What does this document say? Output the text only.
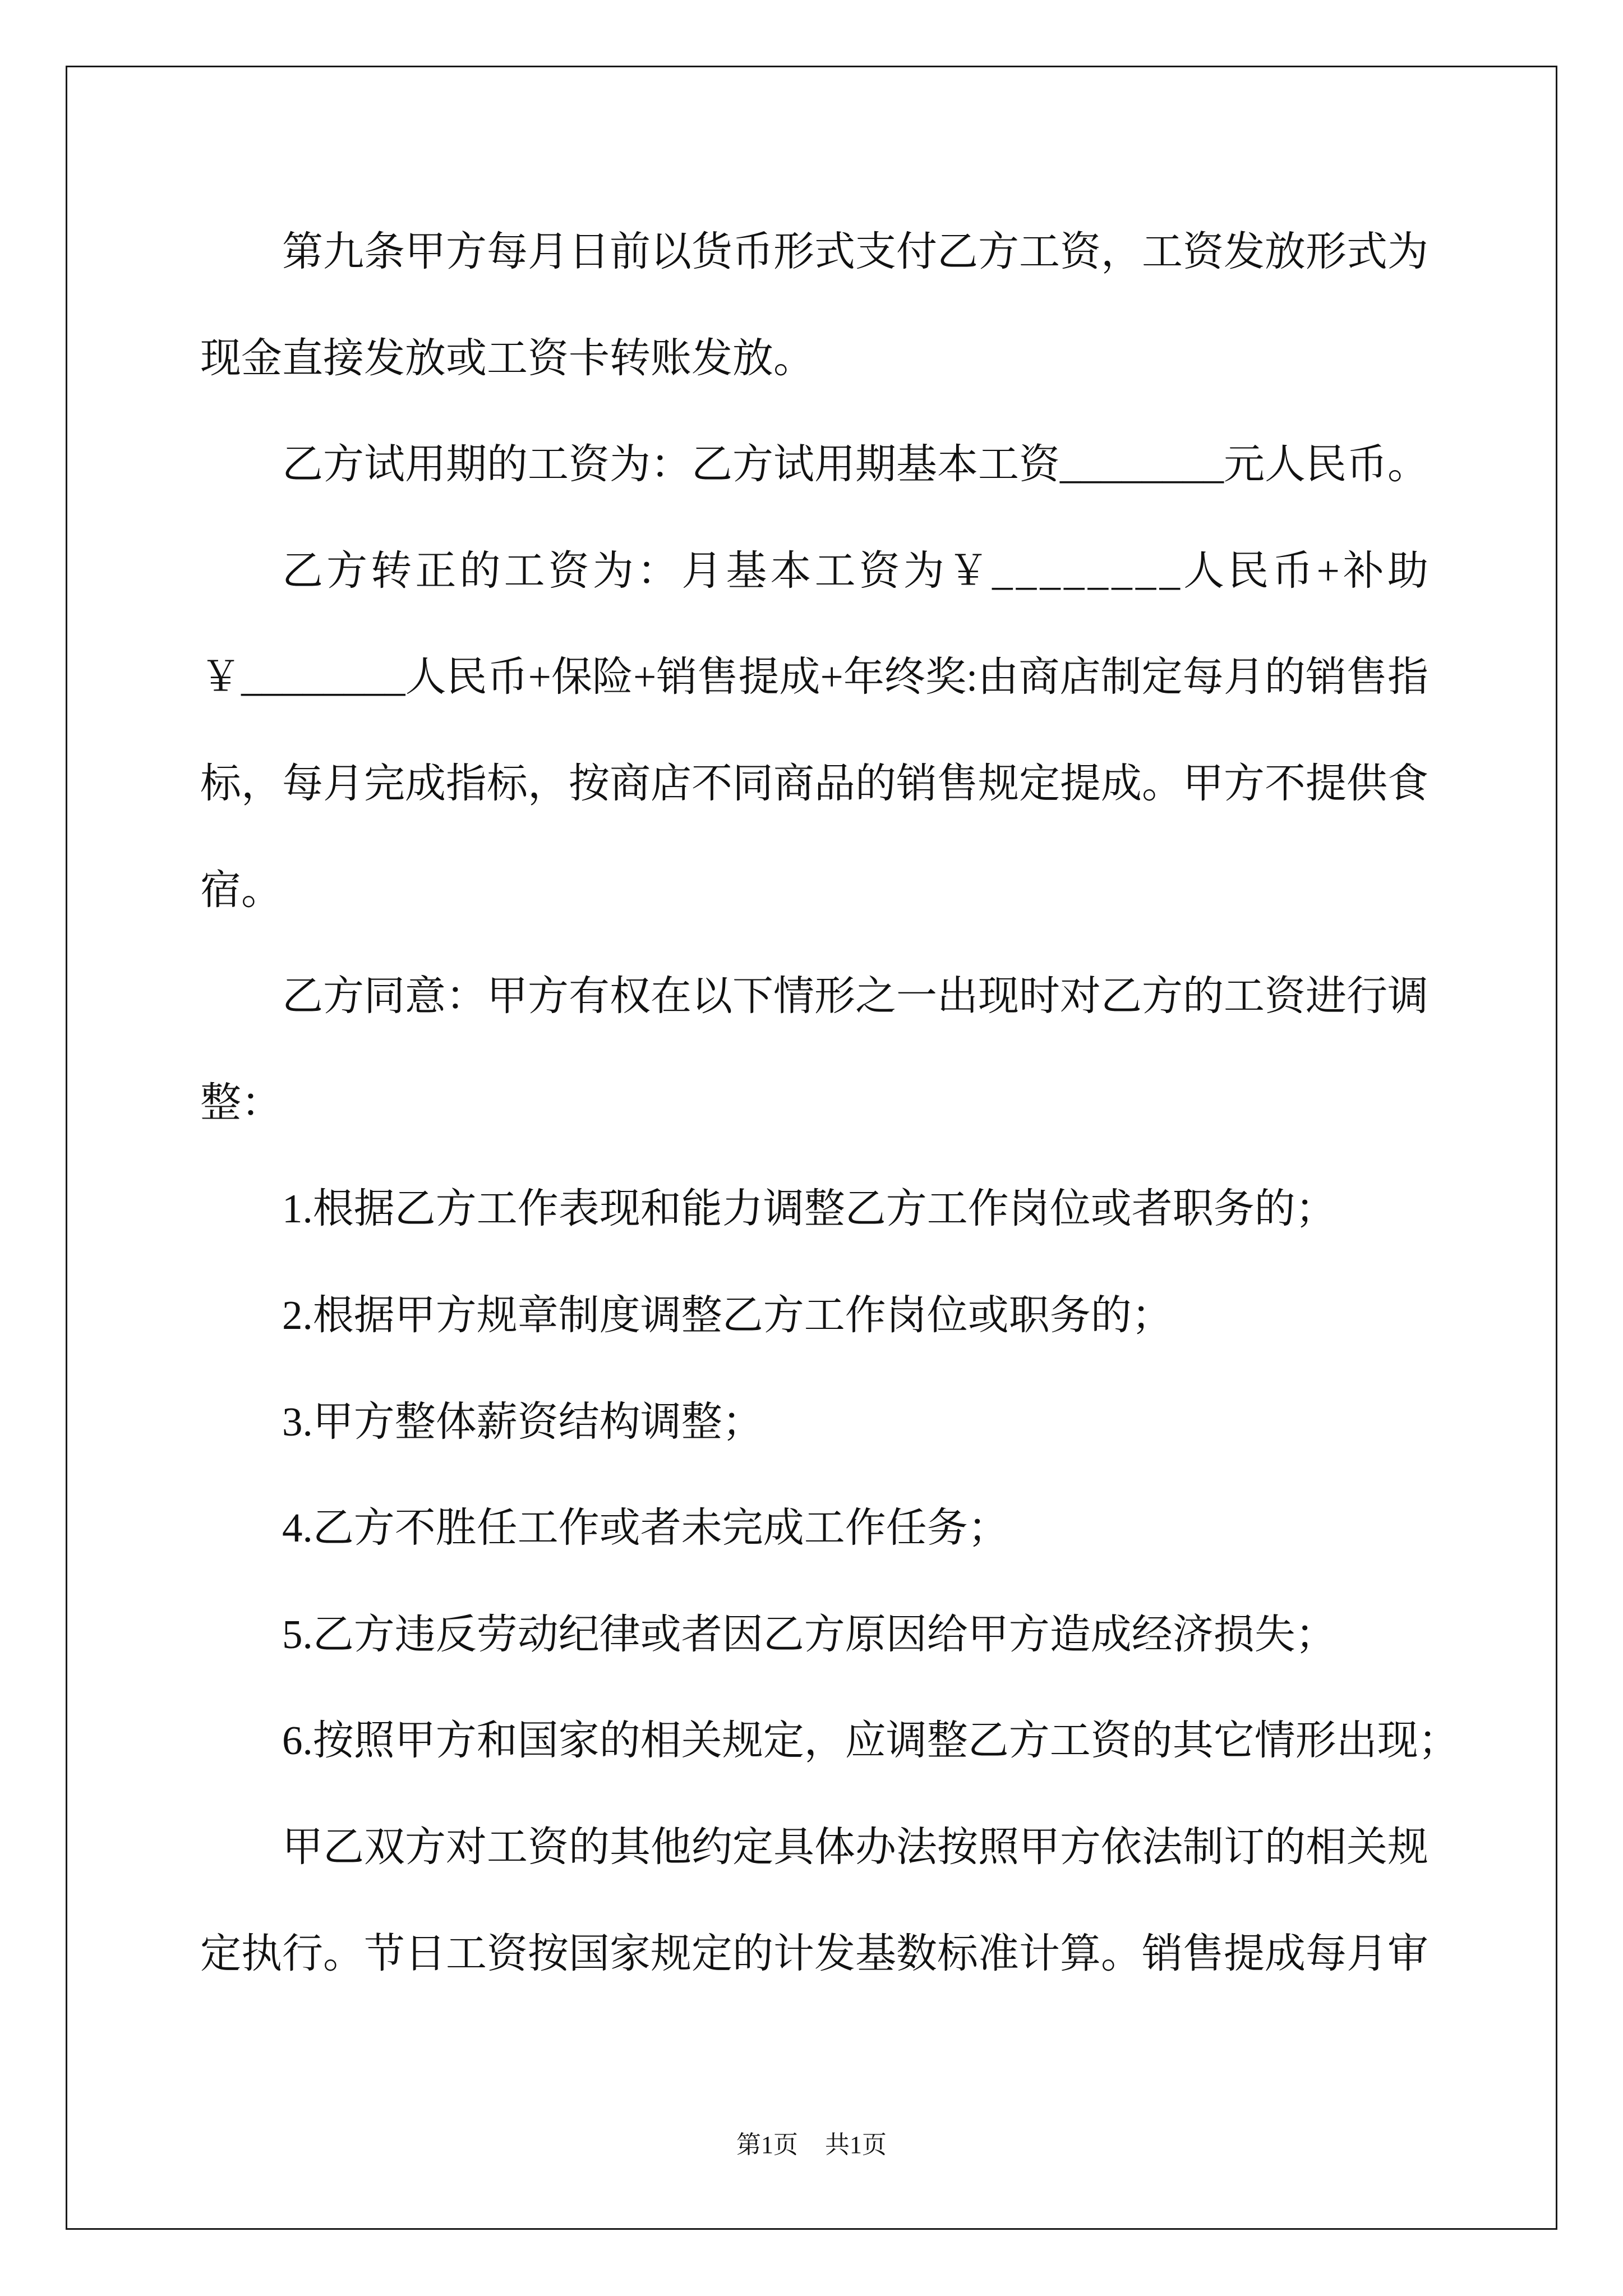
第九条甲方每月日前以货币形式支付乙方工资，工资发放形式为
现金直接发放或工资卡转账发放。
乙方试用期的工资为：乙方试用期基本工资________元人民币。
乙方转正的工资为：月基本工资为￥________人民币+补助
￥________人民币+保险+销售提成+年终奖:由商店制定每月的销售指
标，每月完成指标，按商店不同商品的销售规定提成。甲方不提供食
宿。
乙方同意：甲方有权在以下情形之一出现时对乙方的工资进行调
整：
1.根据乙方工作表现和能力调整乙方工作岗位或者职务的；
2.根据甲方规章制度调整乙方工作岗位或职务的；
3.甲方整体薪资结构调整；
4.乙方不胜任工作或者未完成工作任务；
5.乙方违反劳动纪律或者因乙方原因给甲方造成经济损失；
6.按照甲方和国家的相关规定，应调整乙方工资的其它情形出现；
甲乙双方对工资的其他约定具体办法按照甲方依法制订的相关规
定执行。节日工资按国家规定的计发基数标准计算。销售提成每月审
第1页 共1页
